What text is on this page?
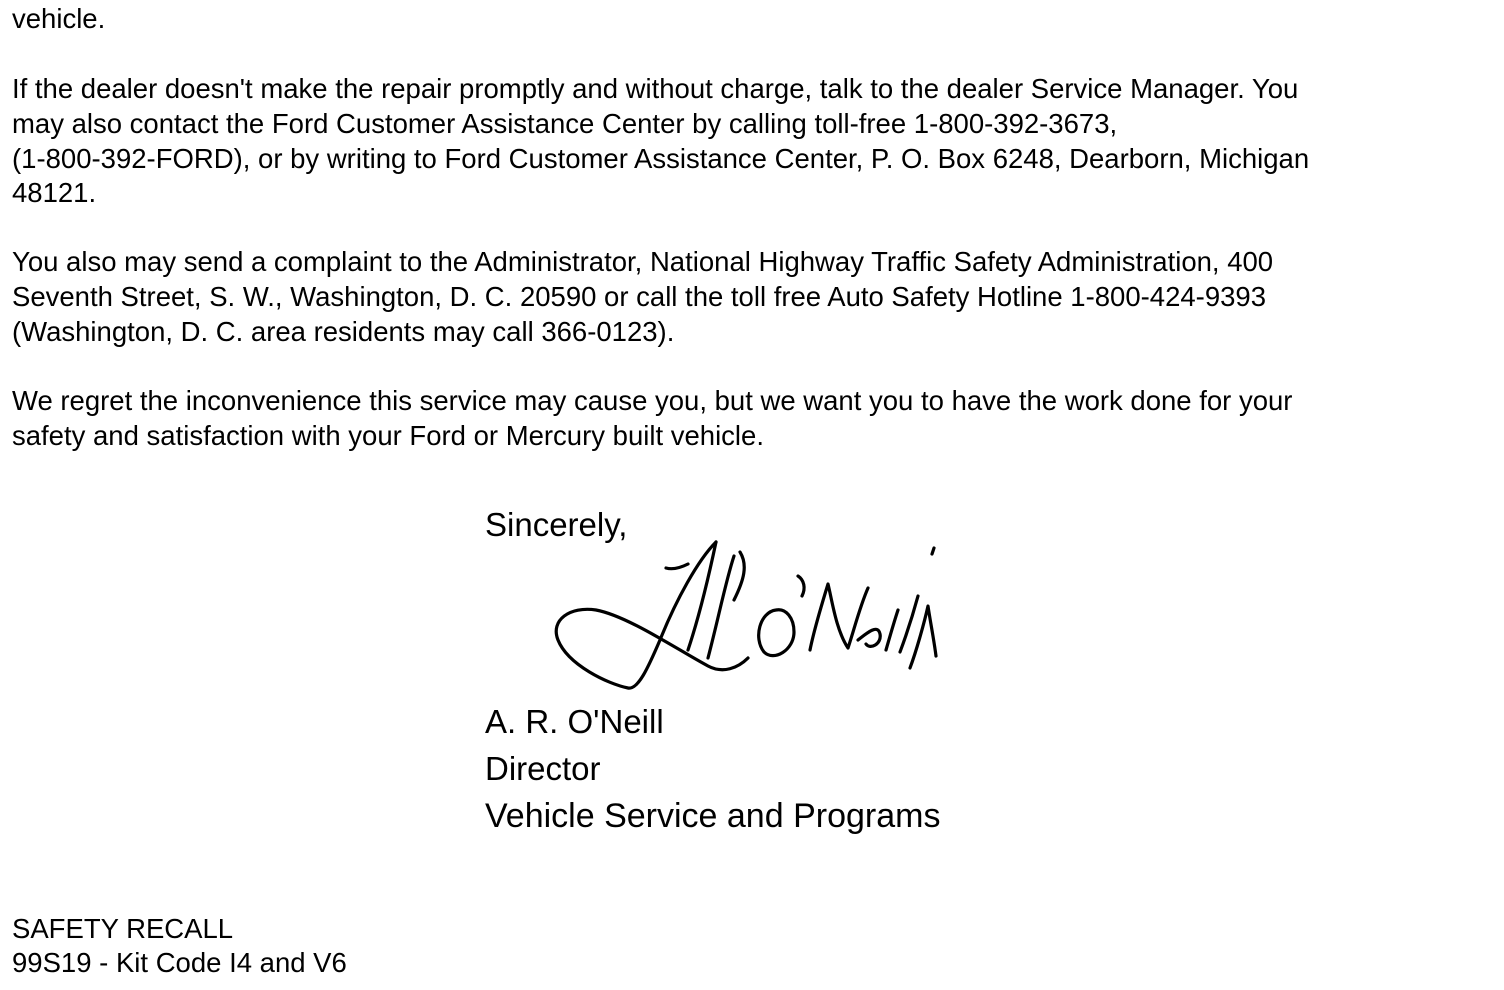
vehicle.

If the dealer doesn't make the repair promptly and without charge, talk to the dealer Service Manager. You
may also contact the Ford Customer Assistance Center by calling toll-free 1-800-392-3673,
(1-800-392-FORD), or by writing to Ford Customer Assistance Center, P. O. Box 6248, Dearborn, Michigan
48121.

You also may send a complaint to the Administrator, National Highway Traffic Safety Administration, 400
Seventh Street, S. W., Washington, D. C. 20590 or call the toll free Auto Safety Hotline 1-800-424-9393
(Washington, D. C. area residents may call 366-0123).

We regret the inconvenience this service may cause you, but we want you to have the work done for your
safety and satisfaction with your Ford or Mercury built vehicle.

Sincerely,

A. R. O'Neill

Director

Vehicle Service and Programs

SAFETY RECALL

99S19 - Kit Code I4 and V6
